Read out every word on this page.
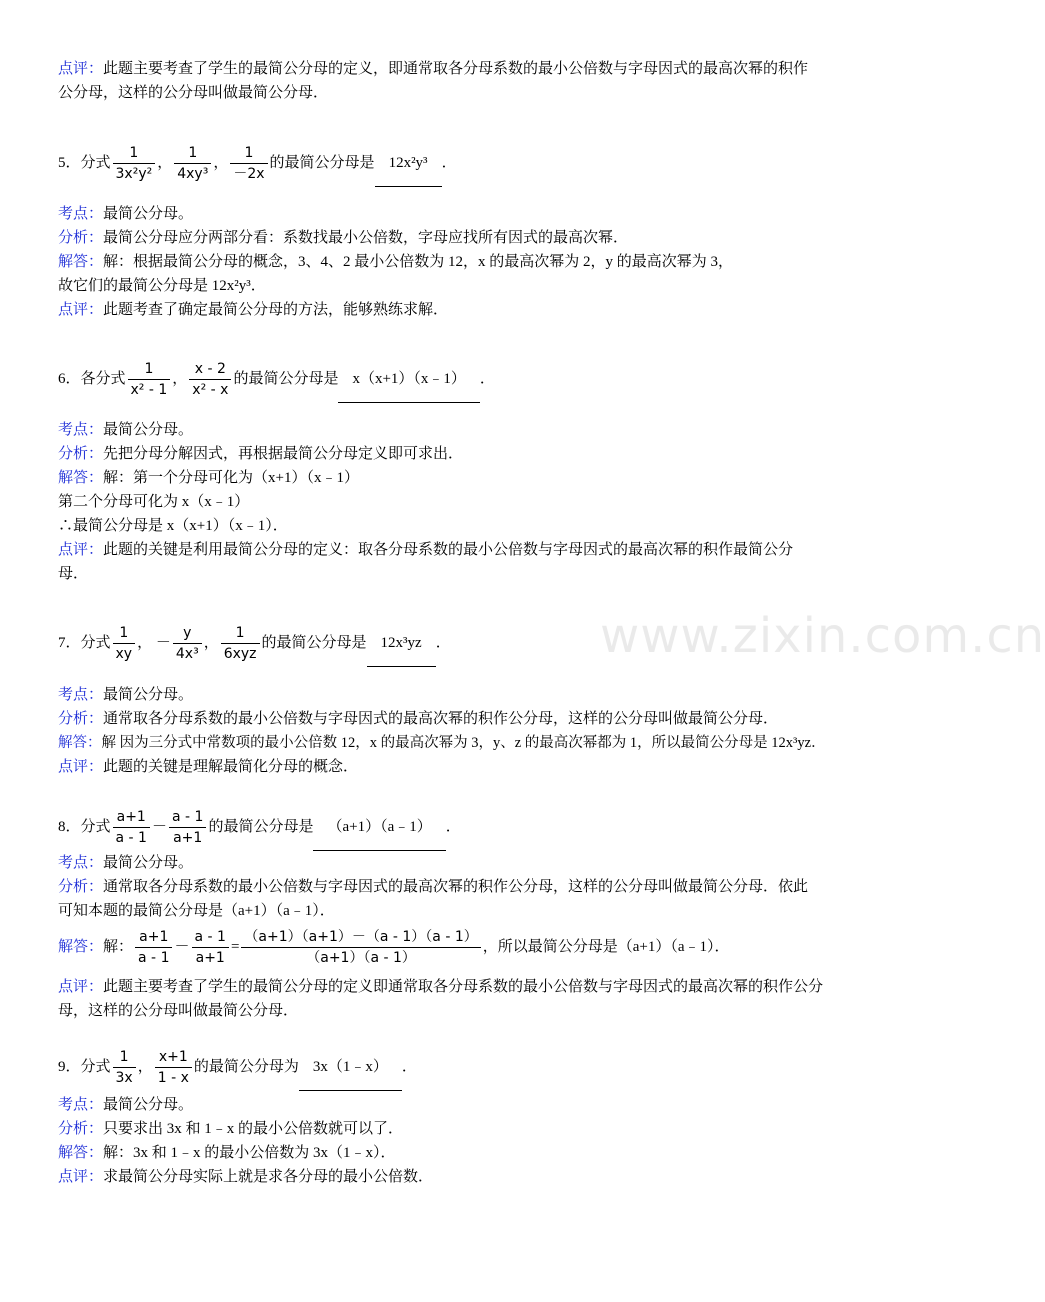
点评：此题主要考查了学生的最简公分母的定义，即通常取各分母系数的最小公倍数与字母因式的最高次幂的积作
公分母，这样的公分母叫做最简公分母．
5．分式 $\frac{1}{\text{3x²y²}}$ ， $\frac{1}{\text{4xy³}}$ ， $\frac{1}{-2x}$ 的最简公分母是 12x²y³ ．
考点：最简公分母。
分析：最简公分母应分两部分看：系数找最小公倍数，字母应找所有因式的最高次幂．
解答：解：根据最简公分母的概念，3、4、2 最小公倍数为 12，x 的最高次幂为 2，y 的最高次幂为 3，
故它们的最简公分母是 12x²y³．
点评：此题考查了确定最简公分母的方法，能够熟练求解．
6．各分式 $\frac{1}{\text{x² - 1}}$ ， $\frac{x - 2}{\text{x² - x}}$ 的最简公分母是 x（x+1）（x﹣1） ．
考点：最简公分母。
分析：先把分母分解因式，再根据最简公分母定义即可求出．
解答：解：第一个分母可化为（x+1）（x﹣1）
第二个分母可化为 x（x﹣1）
∴最简公分母是 x（x+1）（x﹣1）．
点评：此题的关键是利用最简公分母的定义：取各分母系数的最小公倍数与字母因式的最高次幂的积作最简公分
母．
7．分式 $\frac{1}{xy}$ ， － $\frac{y}{\text{4x³}}$ ， $\frac{1}{\text{6xyz}}$ 的最简公分母是 12x³yz ．
考点：最简公分母。
分析：通常取各分母系数的最小公倍数与字母因式的最高次幂的积作公分母，这样的公分母叫做最简公分母．
解答：解 因为三分式中常数项的最小公倍数 12，x 的最高次幂为 3，y、z 的最高次幂都为 1，所以最简公分母是 12x³yz．
点评：此题的关键是理解最简化分母的概念．
8．分式 $\frac{a+1}{a - 1} - \frac{a - 1}{a+1}$ 的最简公分母是 （a+1）（a﹣1） ．
考点：最简公分母。
分析：通常取各分母系数的最小公倍数与字母因式的最高次幂的积作公分母，这样的公分母叫做最简公分母．依此
可知本题的最简公分母是（a+1）（a﹣1）．
解答：解： $\frac{a+1}{a - 1} - \frac{a - 1}{a+1} = \frac{(a+1)(a+1)-(a - 1)(a - 1)}{(a+1)(a - 1)}$ ，所以最简公分母是（a+1）（a﹣1）．
点评：此题主要考查了学生的最简公分母的定义即通常取各分母系数的最小公倍数与字母因式的最高次幂的积作公分
母，这样的公分母叫做最简公分母．
9．分式 $\frac{1}{3x}$ ， $\frac{x+1}{1 - x}$ 的最简公分母为 3x（1﹣x） ．
考点：最简公分母。
分析：只要求出 3x 和 1﹣x 的最小公倍数就可以了．
解答：解：3x 和 1﹣x 的最小公倍数为 3x（1﹣x）．
点评：求最简公分母实际上就是求各分母的最小公倍数．
www.zixin.com.cn
